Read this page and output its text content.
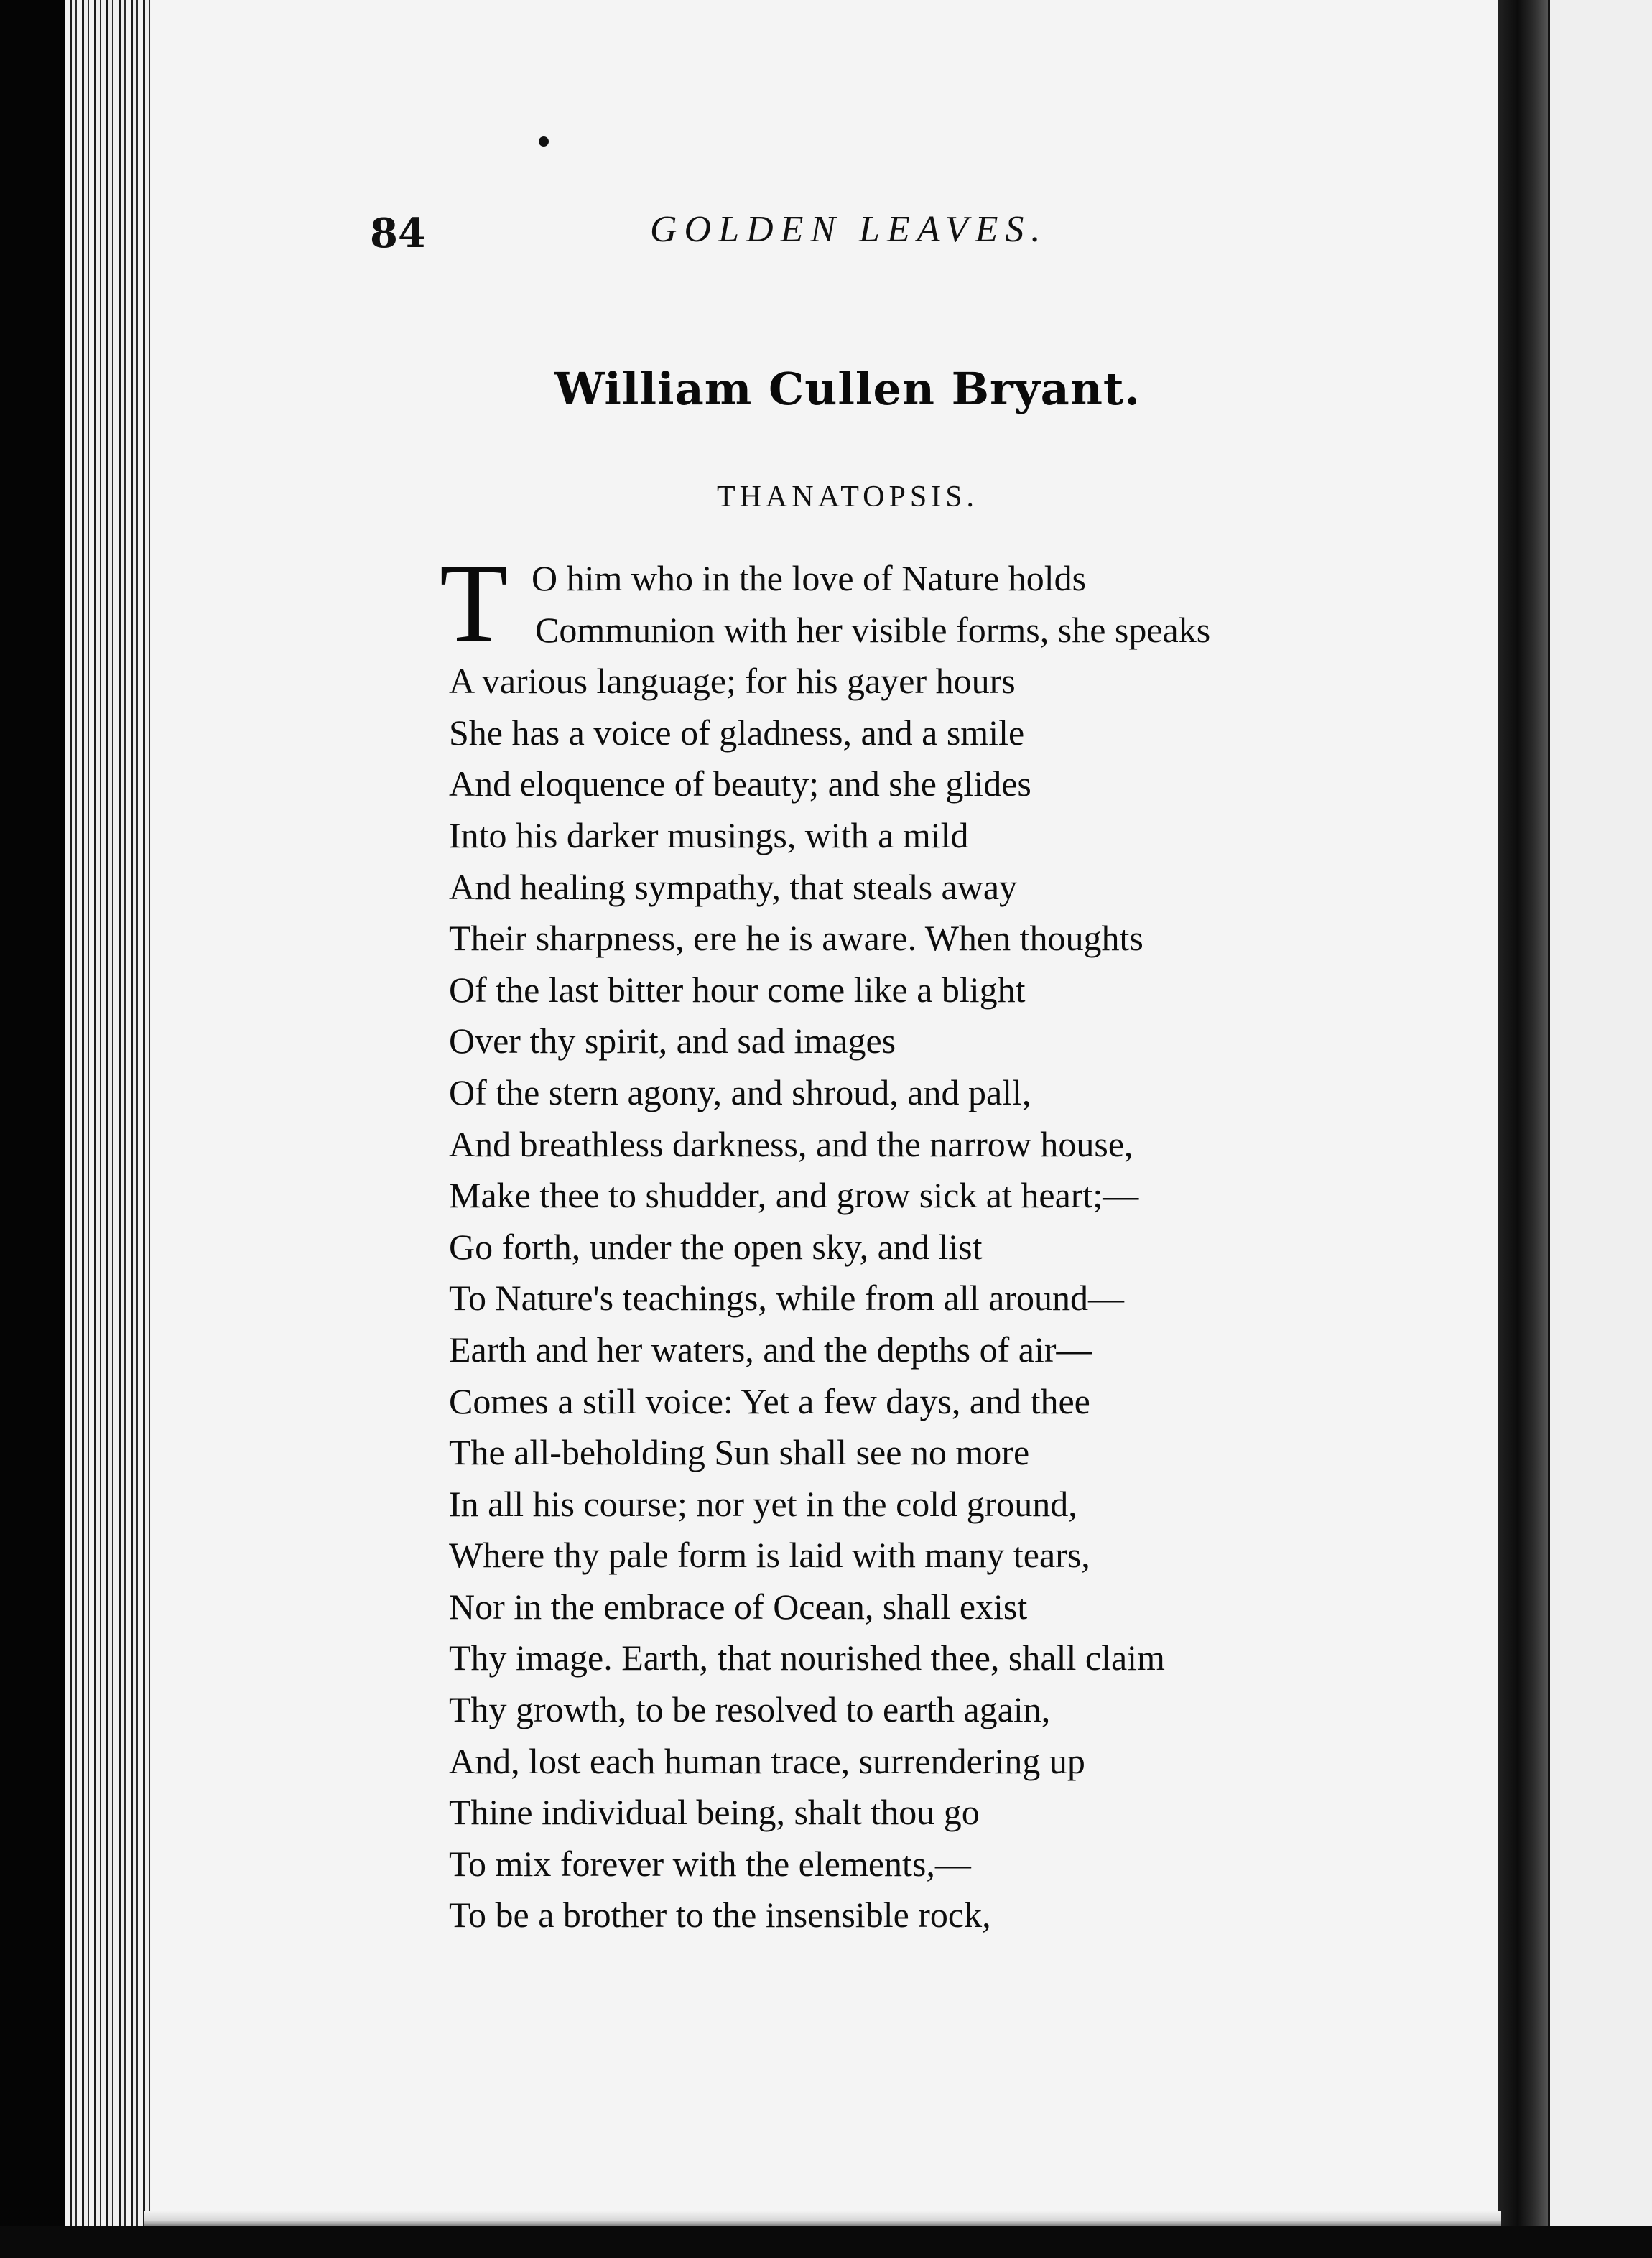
84	GOLDEN LEAVES.
William Cullen Bryant.
THANATOPSIS.
T O him who in the love of Nature holds
Communion with her visible forms, she speaks
A various language; for his gayer hours
She has a voice of gladness, and a smile
And eloquence of beauty; and she glides
Into his darker musings, with a mild
And healing sympathy, that steals away
Their sharpness, ere he is aware. When thoughts
Of the last bitter hour come like a blight
Over thy spirit, and sad images
Of the stern agony, and shroud, and pall,
And breathless darkness, and the narrow house,
Make thee to shudder, and grow sick at heart;—
Go forth, under the open sky, and list
To Nature's teachings, while from all around—
Earth and her waters, and the depths of air—
Comes a still voice: Yet a few days, and thee
The all-beholding Sun shall see no more
In all his course; nor yet in the cold ground,
Where thy pale form is laid with many tears,
Nor in the embrace of Ocean, shall exist
Thy image. Earth, that nourished thee, shall claim
Thy growth, to be resolved to earth again,
And, lost each human trace, surrendering up
Thine individual being, shalt thou go
To mix forever with the elements,—
To be a brother to the insensible rock,
